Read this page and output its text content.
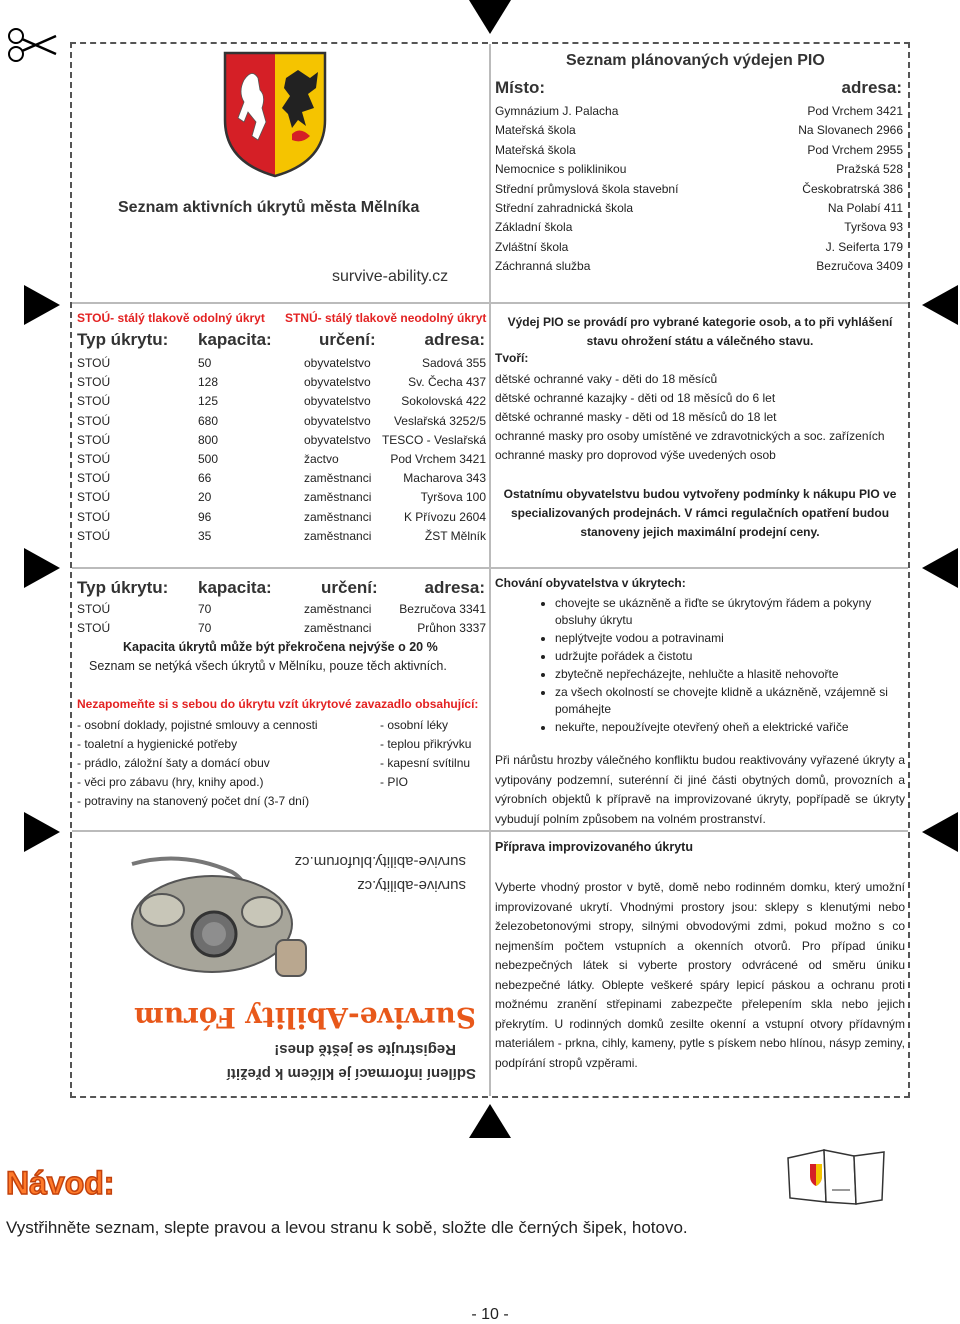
Seznam aktivních úkrytů města Mělníka
survive-ability.cz
Seznam plánovaných výdejen PIO
Místo:	adresa:
Gymnázium J. Palacha	Pod Vrchem 3421
Mateřská škola	Na Slovanech 2966
Mateřská škola	Pod Vrchem 2955
Nemocnice s poliklinikou	Pražská 528
Střední průmyslová škola stavební	Českobratrská 386
Střední zahradnická škola	Na Polabí 411
Základní škola	Tyršova 93
Zvláštní škola	J. Seiferta 179
Záchranná služba	Bezručova 3409
STOÚ- stálý tlakově odolný úkryt STNÚ- stálý tlakově neodolný úkryt
Typ úkrytu: kapacita:	určení:	adresa:
STOÚ	50	obyvatelstvo	Sadová 355
STOÚ	128	obyvatelstvo	Sv. Čecha 437
STOÚ	125	obyvatelstvo	Sokolovská 422
STOÚ	680	obyvatelstvo Veslařská 3252/5
STOÚ	800	obyvatelstvo TESCO - Veslařská
STOÚ	500	žactvo	Pod Vrchem 3421
STOÚ	66	zaměstnanci	Macharova 343
STOÚ	20	zaměstnanci	Tyršova 100
STOÚ	96	zaměstnanci	K Přívozu 2604
STOÚ	35	zaměstnanci	ŽST Mělník
Výdej PIO se provádí pro vybrané kategorie osob, a to při vyhlášení stavu ohrožení státu a válečného stavu.
Tvoří:
dětské ochranné vaky - děti do 18 měsíců
dětské ochranné kazajky - děti od 18 měsíců do 6 let
dětské ochranné masky - děti od 18 měsíců do 18 let
ochranné masky pro osoby umístěné ve zdravotnických a soc. zařízeních
ochranné masky pro doprovod výše uvedených osob
Ostatnímu obyvatelstvu budou vytvořeny podmínky k nákupu PIO ve specializovaných prodejnách. V rámci regulačních opatření budou stanoveny jejich maximální prodejní ceny.
Typ úkrytu: kapacita:	určení:	adresa:
STOÚ	70	zaměstnanci Bezručova 3341
STOÚ	70	zaměstnanci	Průhon 3337
Kapacita úkrytů může být překročena nejvýše o 20 %
Seznam se netýká všech úkrytů v Mělníku, pouze těch aktivních.
Nezapomeňte si s sebou do úkrytu vzít úkrytové zavazadlo obsahující:
- osobní doklady, pojistné smlouvy a cennosti
- toaletní a hygienické potřeby
- prádlo, záložní šaty a domácí obuv
- věci pro zábavu (hry, knihy apod.)
- potraviny na stanovený počet dní (3-7 dní)
- osobní léky
- teplou přikrývku
- kapesní svítilnu
- PIO
Chování obyvatelstva v úkrytech:
• chovejte se ukázněně a řiďte se úkrytovým řádem a pokyny obsluhy úkrytu
• neplýtvejte vodou a potravinami
• udržujte pořádek a čistotu
• zbytečně nepřecházejte, nehlučte a hlasitě nehovořte
• za všech okolností se chovejte klidně a ukázněně, vzájemně si pomáhejte
• nekuřte, nepoužívejte otevřený oheň a elektrické vařiče
Při nárůstu hrozby válečného konfliktu budou reaktivovány vyřazené úkryty a vytipovány podzemní, suterénní či jiné části obytných domů, provozních a výrobních objektů k přípravě na improvizované úkryty, popřípadě se úkryty vybudují polním způsobem na volném prostranství.
Sdílení informací je klíčem k přežití
Registrujte se ještě dnes!
Survive-Ability Fórum
survive-ability.cz
survive-ability.bluforum.cz
Příprava improvizovaného úkrytu
Vyberte vhodný prostor v bytě, domě nebo rodinném domku, který umožní improvizované ukrytí. Vhodnými prostory jsou: sklepy s klenutými nebo železobetonovými stropy, silnými obvodovými zdmi, pokud možno s co nejmenším počtem vstupních a okenních otvorů. Pro případ úniku nebezpečných látek si vyberte prostory odvrácené od směru úniku nebezpečné látky. Oblepte veškeré spáry lepicí páskou a ochranu proti možnému zranění střepinami zabezpečte přelepením skla nebo jejich překrytím. U rodinných domků zesilte okenní a vstupní otvory přídavným materiálem - prkna, cihly, kameny, pytle s pískem nebo hlínou, násyp zeminy, podpírání stropů vzpěrami.
Návod:
Vystřihněte seznam, slepte pravou a levou stranu k sobě, složte dle černých šipek, hotovo.
- 10 -
